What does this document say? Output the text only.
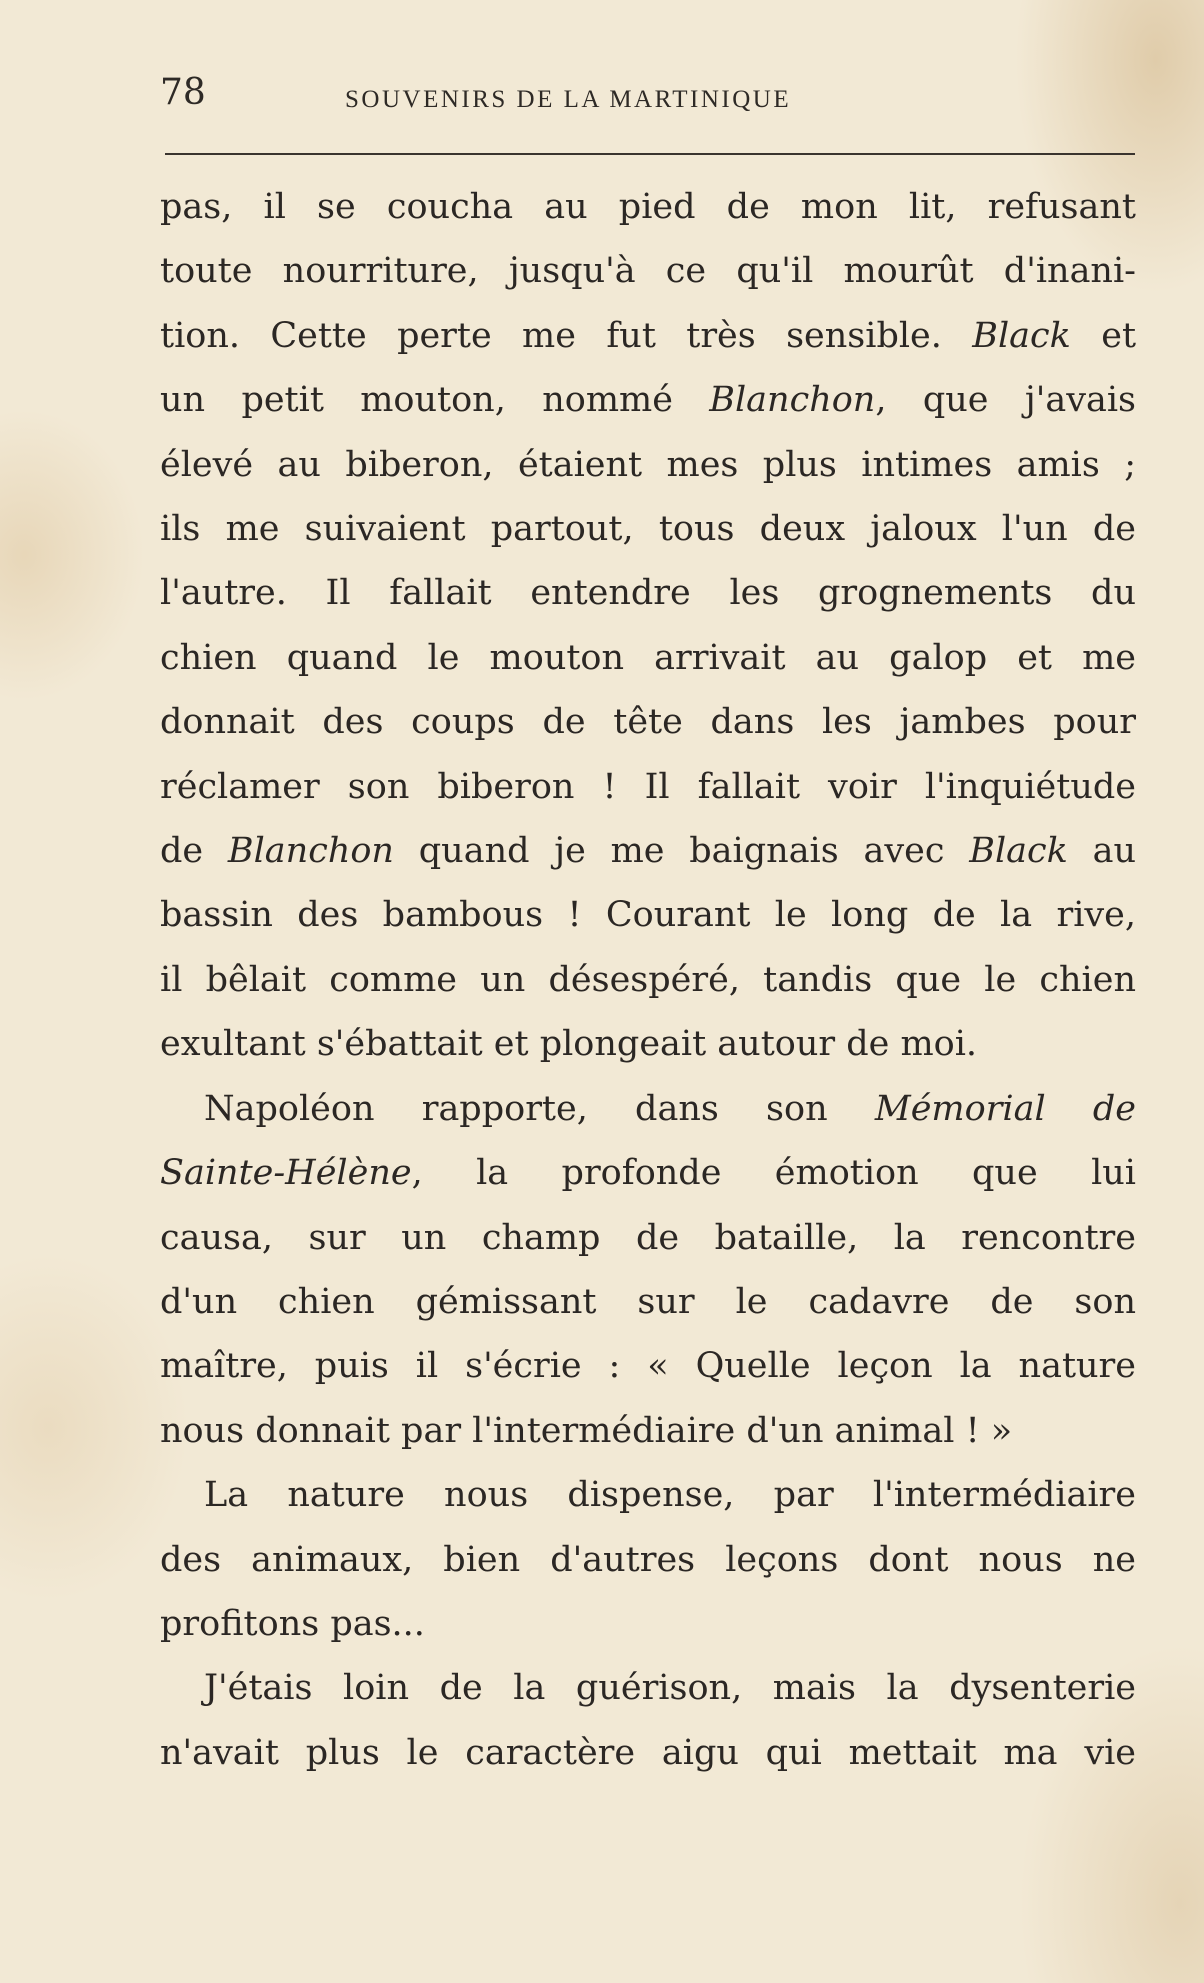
78	SOUVENIRS DE LA MARTINIQUE
pas, il se coucha au pied de mon lit, refusant
toute nourriture, jusqu'à ce qu'il mourût d'inani-
tion. Cette perte me fut très sensible. Black et
un petit mouton, nommé Blanchon, que j'avais
élevé au biberon, étaient mes plus intimes amis ;
ils me suivaient partout, tous deux jaloux l'un de
l'autre. Il fallait entendre les grognements du
chien quand le mouton arrivait au galop et me
donnait des coups de tête dans les jambes pour
réclamer son biberon ! Il fallait voir l'inquiétude
de Blanchon quand je me baignais avec Black au
bassin des bambous ! Courant le long de la rive,
il bêlait comme un désespéré, tandis que le chien
exultant s'ébattait et plongeait autour de moi.
Napoléon rapporte, dans son Mémorial de
Sainte-Hélène, la profonde émotion que lui
causa, sur un champ de bataille, la rencontre
d'un chien gémissant sur le cadavre de son
maître, puis il s'écrie : « Quelle leçon la nature
nous donnait par l'intermédiaire d'un animal ! »
La nature nous dispense, par l'intermédiaire
des animaux, bien d'autres leçons dont nous ne
profitons pas...
J'étais loin de la guérison, mais la dysenterie
n'avait plus le caractère aigu qui mettait ma vie
